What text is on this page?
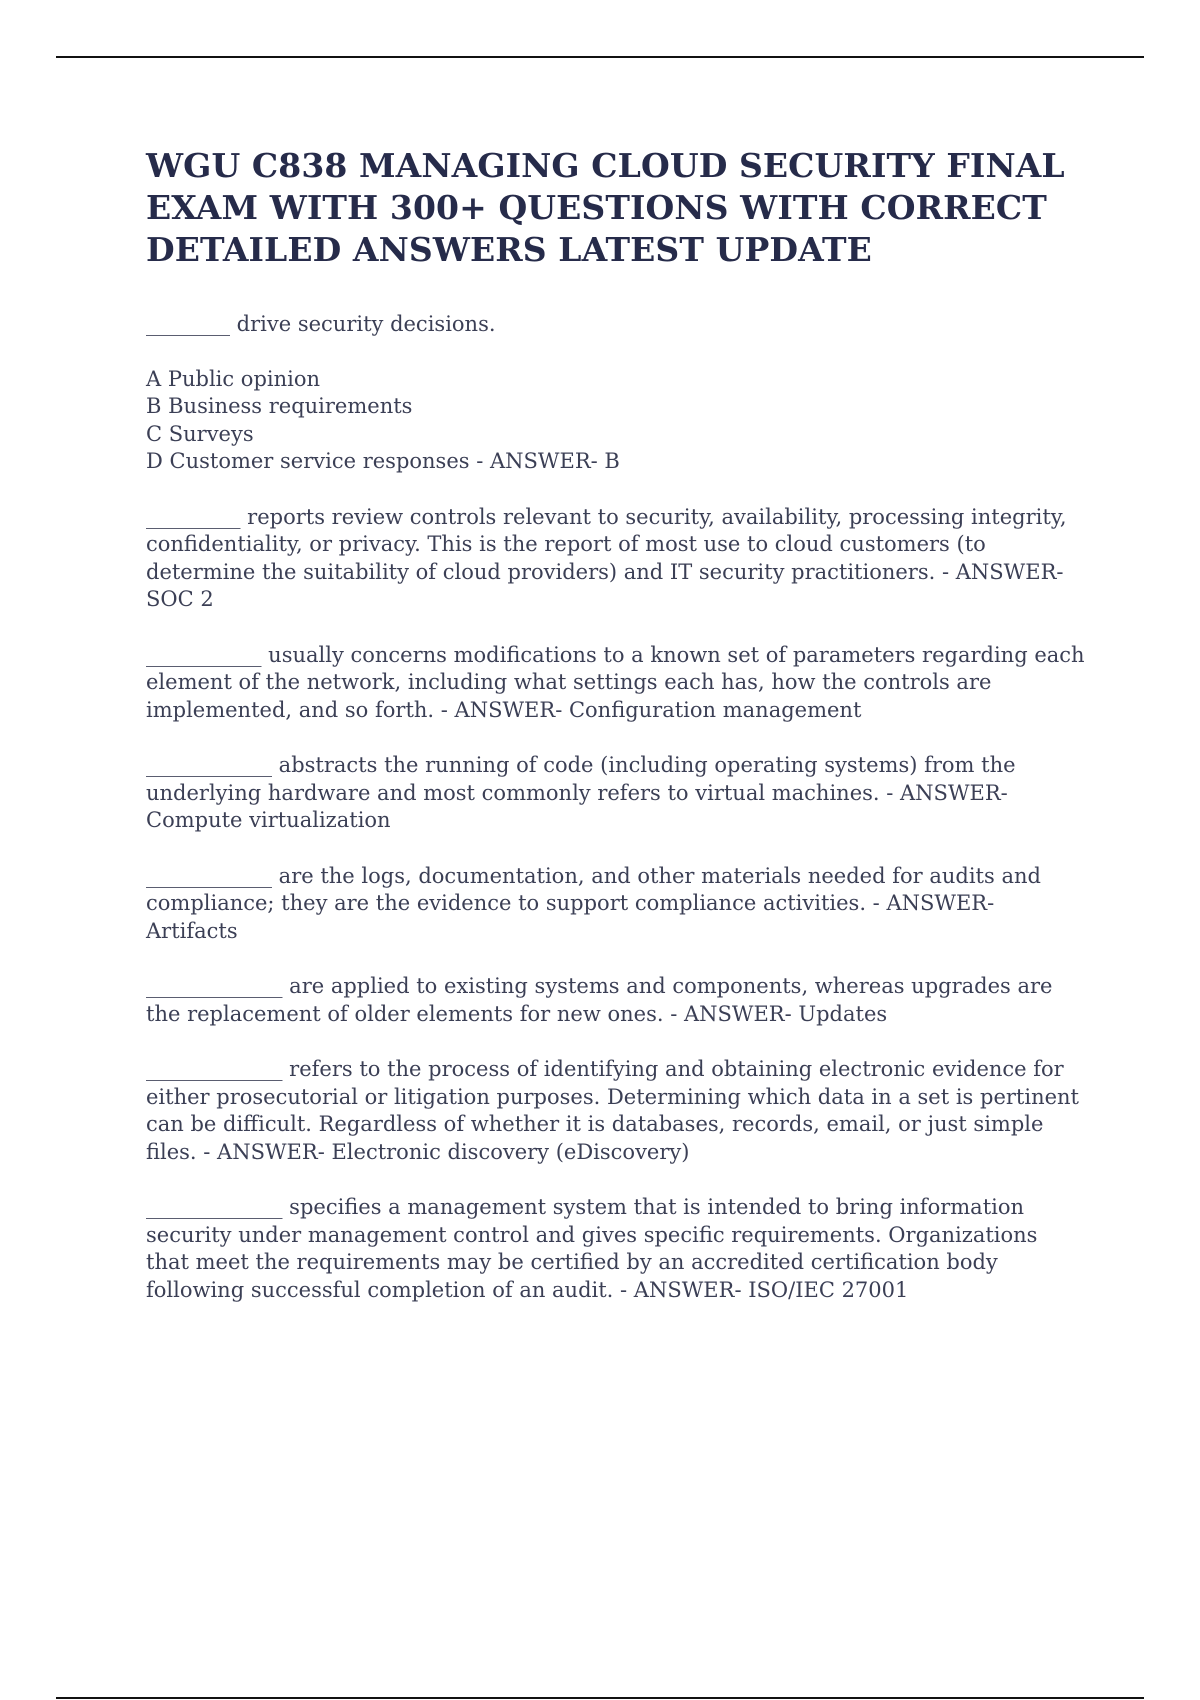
WGU C838 MANAGING CLOUD SECURITY FINAL EXAM WITH 300+ QUESTIONS WITH CORRECT DETAILED ANSWERS LATEST UPDATE
________ drive security decisions.
A Public opinion
B Business requirements
C Surveys
D Customer service responses - ANSWER- B
_________ reports review controls relevant to security, availability, processing integrity, confidentiality, or privacy. This is the report of most use to cloud customers (to determine the suitability of cloud providers) and IT security practitioners. - ANSWER- SOC 2
___________ usually concerns modifications to a known set of parameters regarding each element of the network, including what settings each has, how the controls are implemented, and so forth. - ANSWER- Configuration management
____________ abstracts the running of code (including operating systems) from the underlying hardware and most commonly refers to virtual machines. - ANSWER- Compute virtualization
____________ are the logs, documentation, and other materials needed for audits and compliance; they are the evidence to support compliance activities. - ANSWER- Artifacts
_____________ are applied to existing systems and components, whereas upgrades are the replacement of older elements for new ones. - ANSWER- Updates
_____________ refers to the process of identifying and obtaining electronic evidence for either prosecutorial or litigation purposes. Determining which data in a set is pertinent can be difficult. Regardless of whether it is databases, records, email, or just simple files. - ANSWER- Electronic discovery (eDiscovery)
_____________ specifies a management system that is intended to bring information security under management control and gives specific requirements. Organizations that meet the requirements may be certified by an accredited certification body following successful completion of an audit. - ANSWER- ISO/IEC 27001
